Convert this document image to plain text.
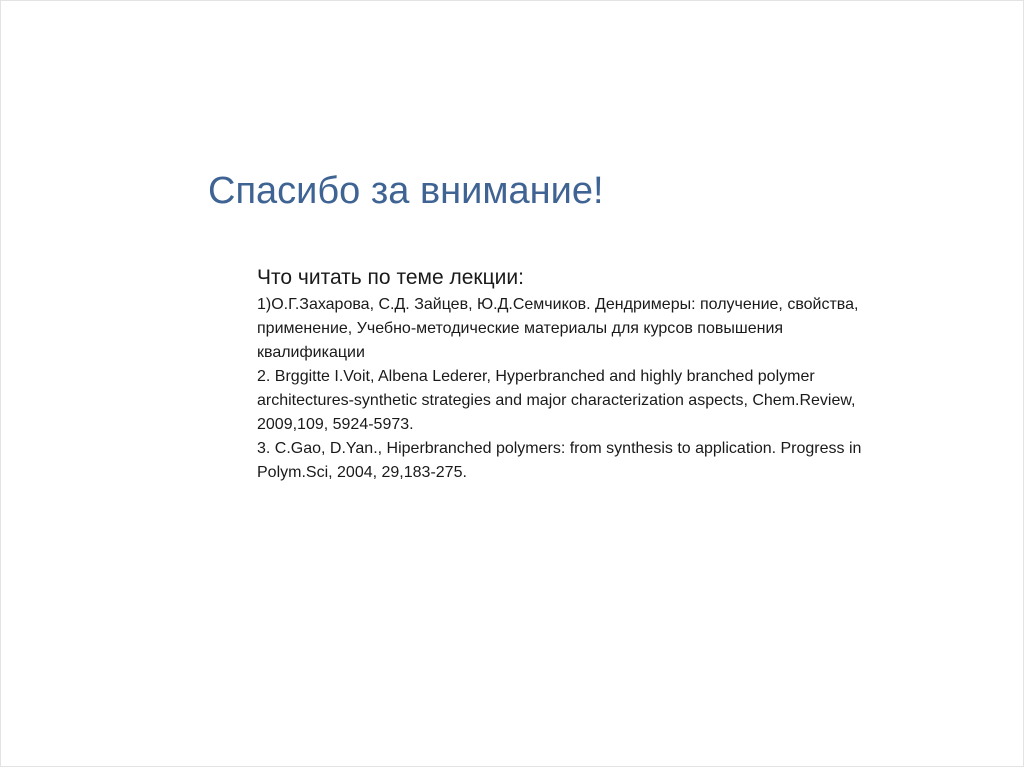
Спасибо за внимание!

Что читать по теме лекции:

1)О.Г.Захарова, С.Д. Зайцев, Ю.Д.Семчиков. Дендримеры: получение, свойства,

применение, Учебно-методические материалы для курсов повышения

квалификации

2. Brggitte I.Voit, Albena Lederer, Hyperbranched and highly branched polymer

architectures-synthetic strategies and major characterization aspects, Chem.Review,

2009,109, 5924-5973.

3. C.Gao, D.Yan., Hiperbranched polymers: from synthesis to application. Progress in

Polym.Sci, 2004, 29,183-275.
